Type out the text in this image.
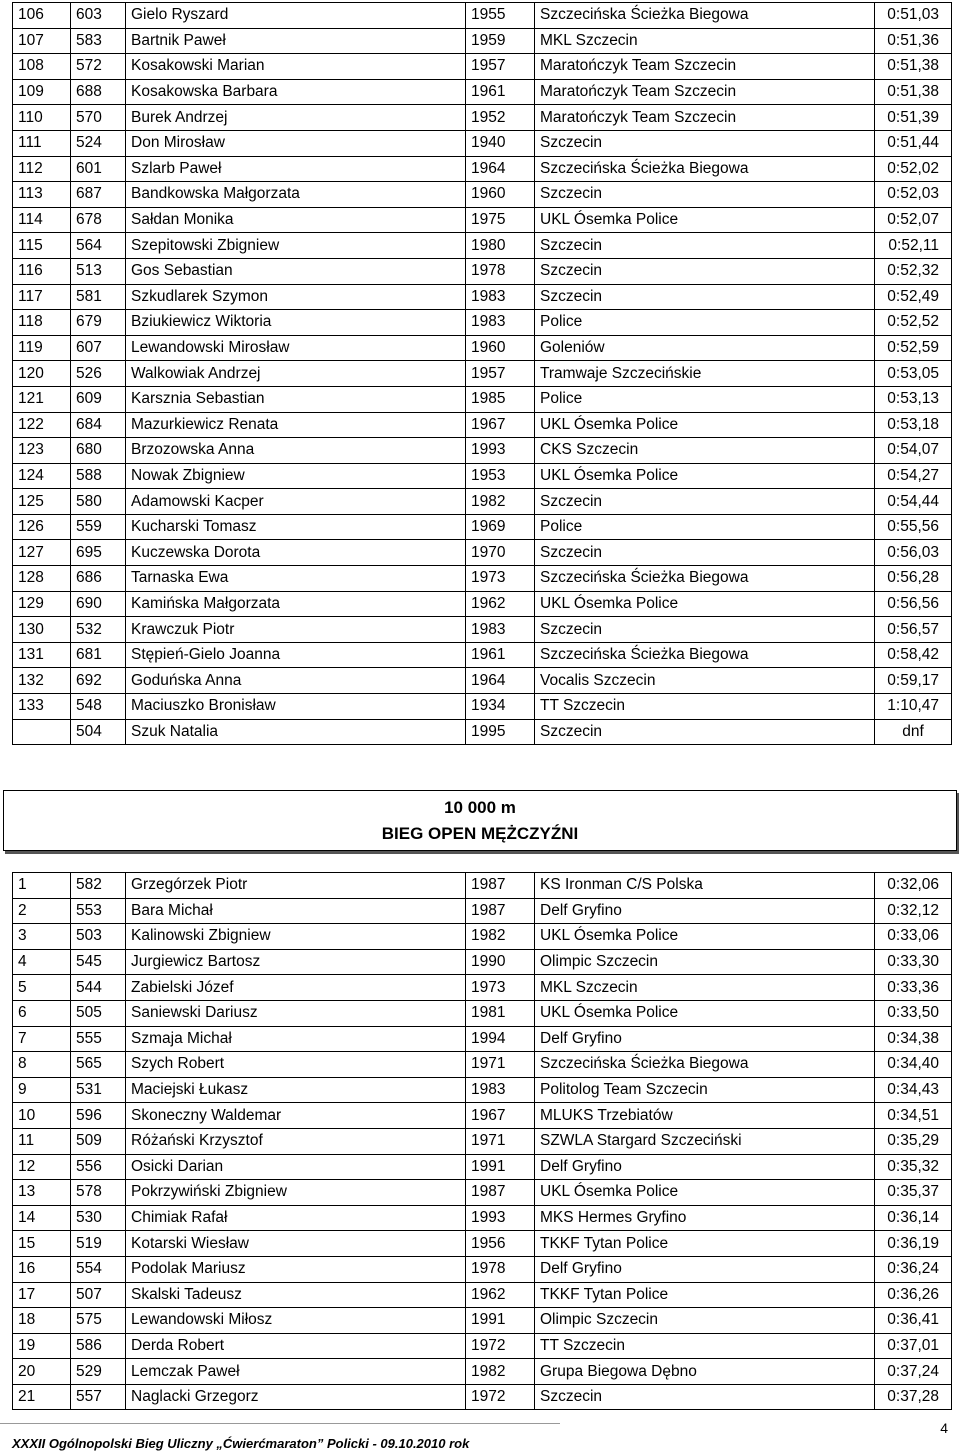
106	603	Gielo Ryszard	1955	Szczecińska Ścieżka Biegowa	0:51,03
107	583	Bartnik Paweł	1959	MKL Szczecin	0:51,36
108	572	Kosakowski Marian	1957	Maratończyk Team Szczecin	0:51,38
109	688	Kosakowska Barbara	1961	Maratończyk Team Szczecin	0:51,38
110	570	Burek Andrzej	1952	Maratończyk Team Szczecin	0:51,39
111	524	Don Mirosław	1940	Szczecin	0:51,44
112	601	Szlarb Paweł	1964	Szczecińska Ścieżka Biegowa	0:52,02
113	687	Bandkowska Małgorzata	1960	Szczecin	0:52,03
114	678	Sałdan Monika	1975	UKL Ósemka Police	0:52,07
115	564	Szepitowski Zbigniew	1980	Szczecin	0:52,11
116	513	Gos Sebastian	1978	Szczecin	0:52,32
117	581	Szkudlarek Szymon	1983	Szczecin	0:52,49
118	679	Bziukiewicz Wiktoria	1983	Police	0:52,52
119	607	Lewandowski Mirosław	1960	Goleniów	0:52,59
120	526	Walkowiak Andrzej	1957	Tramwaje Szczecińskie	0:53,05
121	609	Karsznia Sebastian	1985	Police	0:53,13
122	684	Mazurkiewicz Renata	1967	UKL Ósemka Police	0:53,18
123	680	Brzozowska Anna	1993	CKS Szczecin	0:54,07
124	588	Nowak Zbigniew	1953	UKL Ósemka Police	0:54,27
125	580	Adamowski Kacper	1982	Szczecin	0:54,44
126	559	Kucharski Tomasz	1969	Police	0:55,56
127	695	Kuczewska Dorota	1970	Szczecin	0:56,03
128	686	Tarnaska Ewa	1973	Szczecińska Ścieżka Biegowa	0:56,28
129	690	Kamińska Małgorzata	1962	UKL Ósemka Police	0:56,56
130	532	Krawczuk Piotr	1983	Szczecin	0:56,57
131	681	Stępień-Gielo Joanna	1961	Szczecińska Ścieżka Biegowa	0:58,42
132	692	Goduńska Anna	1964	Vocalis Szczecin	0:59,17
133	548	Maciuszko Bronisław	1934	TT Szczecin	1:10,47
	504	Szuk Natalia	1995	Szczecin	dnf
10 000 m
BIEG OPEN MĘŻCZYŹNI
1	582	Grzegórzek Piotr	1987	KS Ironman C/S Polska	0:32,06
2	553	Bara Michał	1987	Delf Gryfino	0:32,12
3	503	Kalinowski Zbigniew	1982	UKL Ósemka Police	0:33,06
4	545	Jurgiewicz Bartosz	1990	Olimpic Szczecin	0:33,30
5	544	Zabielski Józef	1973	MKL Szczecin	0:33,36
6	505	Saniewski Dariusz	1981	UKL Ósemka Police	0:33,50
7	555	Szmaja Michał	1994	Delf Gryfino	0:34,38
8	565	Szych Robert	1971	Szczecińska Ścieżka Biegowa	0:34,40
9	531	Maciejski Łukasz	1983	Politolog Team Szczecin	0:34,43
10	596	Skoneczny Waldemar	1967	MLUKS Trzebiatów	0:34,51
11	509	Różański Krzysztof	1971	SZWLA Stargard Szczeciński	0:35,29
12	556	Osicki Darian	1991	Delf Gryfino	0:35,32
13	578	Pokrzywiński Zbigniew	1987	UKL Ósemka Police	0:35,37
14	530	Chimiak Rafał	1993	MKS Hermes Gryfino	0:36,14
15	519	Kotarski Wiesław	1956	TKKF Tytan Police	0:36,19
16	554	Podolak Mariusz	1978	Delf Gryfino	0:36,24
17	507	Skalski Tadeusz	1962	TKKF Tytan Police	0:36,26
18	575	Lewandowski Miłosz	1991	Olimpic Szczecin	0:36,41
19	586	Derda Robert	1972	TT Szczecin	0:37,01
20	529	Lemczak Paweł	1982	Grupa Biegowa Dębno	0:37,24
21	557	Naglacki Grzegorz	1972	Szczecin	0:37,28
XXXII Ogólnopolski Bieg Uliczny „Ćwierćmaraton” Policki - 09.10.2010 rok
4
